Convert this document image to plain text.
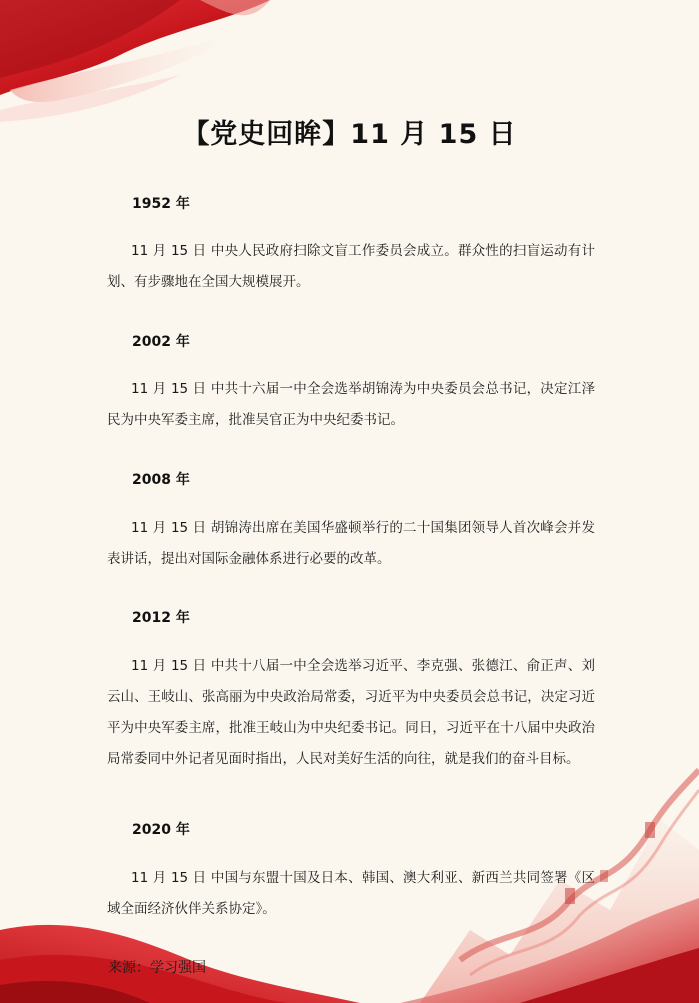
【党史回眸】11 月 15 日
1952 年
11 月 15 日 中央人民政府扫除文盲工作委员会成立。群众性的扫盲运动有计划、有步骤地在全国大规模展开。
2002 年
11 月 15 日 中共十六届一中全会选举胡锦涛为中央委员会总书记，决定江泽民为中央军委主席，批准吴官正为中央纪委书记。
2008 年
11 月 15 日 胡锦涛出席在美国华盛顿举行的二十国集团领导人首次峰会并发表讲话，提出对国际金融体系进行必要的改革。
2012 年
11 月 15 日 中共十八届一中全会选举习近平、李克强、张德江、俞正声、刘云山、王岐山、张高丽为中央政治局常委，习近平为中央委员会总书记，决定习近平为中央军委主席，批准王岐山为中央纪委书记。同日，习近平在十八届中央政治局常委同中外记者见面时指出，人民对美好生活的向往，就是我们的奋斗目标。
2020 年
11 月 15 日 中国与东盟十国及日本、韩国、澳大利亚、新西兰共同签署《区域全面经济伙伴关系协定》。
来源：学习强国
